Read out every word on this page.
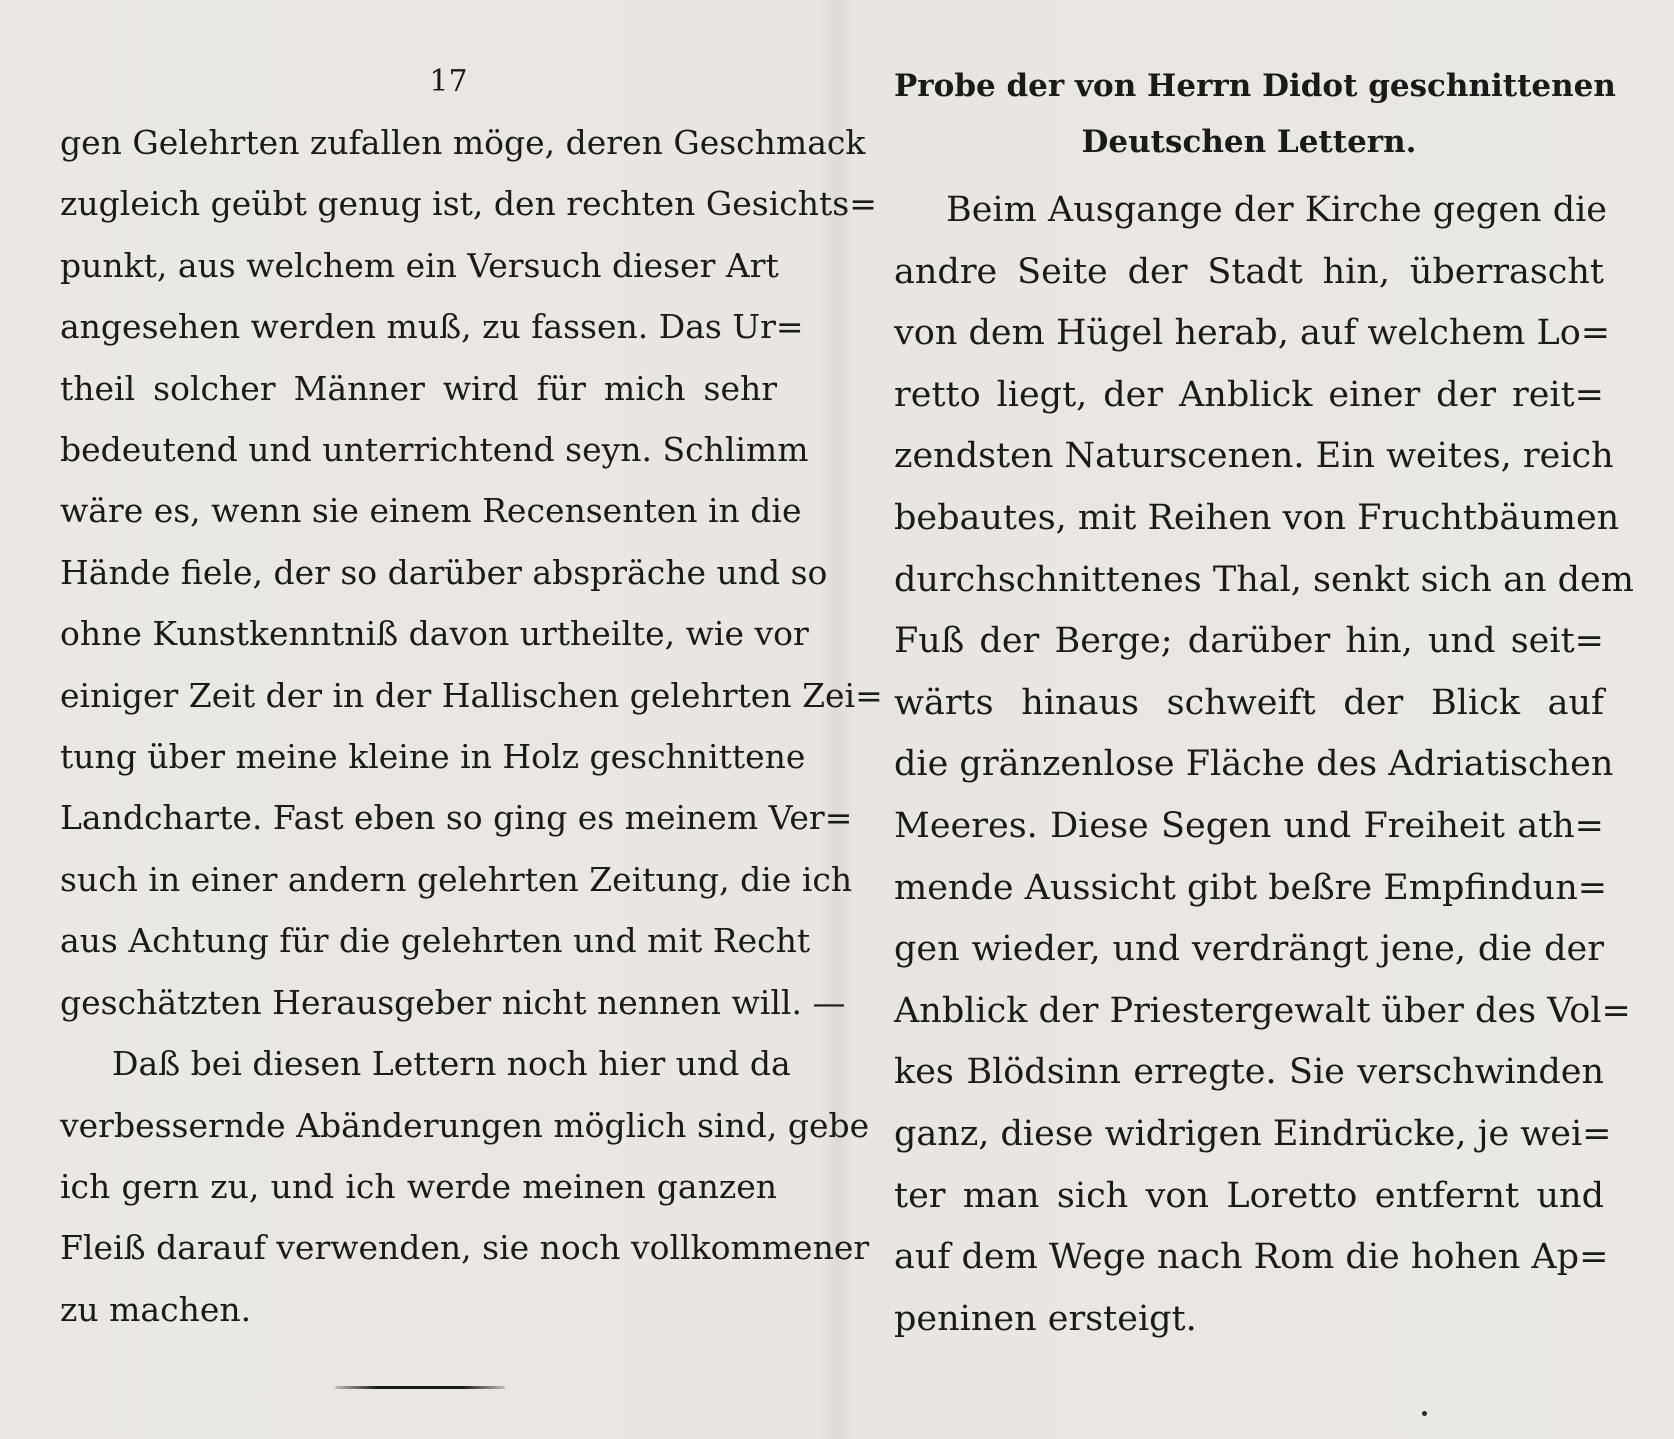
17
gen Gelehrten zufallen möge, deren Geschmack
zugleich geübt genug ist, den rechten Gesichts=
punkt, aus welchem ein Versuch dieser Art
angesehen werden muß, zu fassen. Das Ur=
theil solcher Männer wird für mich sehr
bedeutend und unterrichtend seyn. Schlimm
wäre es, wenn sie einem Recensenten in die
Hände fiele, der so darüber abspräche und so
ohne Kunstkenntniß davon urtheilte, wie vor
einiger Zeit der in der Hallischen gelehrten Zei=
tung über meine kleine in Holz geschnittene
Landcharte. Fast eben so ging es meinem Ver=
such in einer andern gelehrten Zeitung, die ich
aus Achtung für die gelehrten und mit Recht
geschätzten Herausgeber nicht nennen will. —
Daß bei diesen Lettern noch hier und da
verbessernde Abänderungen möglich sind, gebe
ich gern zu, und ich werde meinen ganzen
Fleiß darauf verwenden, sie noch vollkommener
zu machen.
Probe der von Herrn Didot geschnittenen
Deutschen Lettern.
Beim Ausgange der Kirche gegen die
andre Seite der Stadt hin, überrascht
von dem Hügel herab, auf welchem Lo=
retto liegt, der Anblick einer der reit=
zendsten Naturscenen. Ein weites, reich
bebautes, mit Reihen von Fruchtbäumen
durchschnittenes Thal, senkt sich an dem
Fuß der Berge; darüber hin, und seit=
wärts hinaus schweift der Blick auf
die gränzenlose Fläche des Adriatischen
Meeres. Diese Segen und Freiheit ath=
mende Aussicht gibt beßre Empfindun=
gen wieder, und verdrängt jene, die der
Anblick der Priestergewalt über des Vol=
kes Blödsinn erregte. Sie verschwinden
ganz, diese widrigen Eindrücke, je wei=
ter man sich von Loretto entfernt und
auf dem Wege nach Rom die hohen Ap=
peninen ersteigt.
